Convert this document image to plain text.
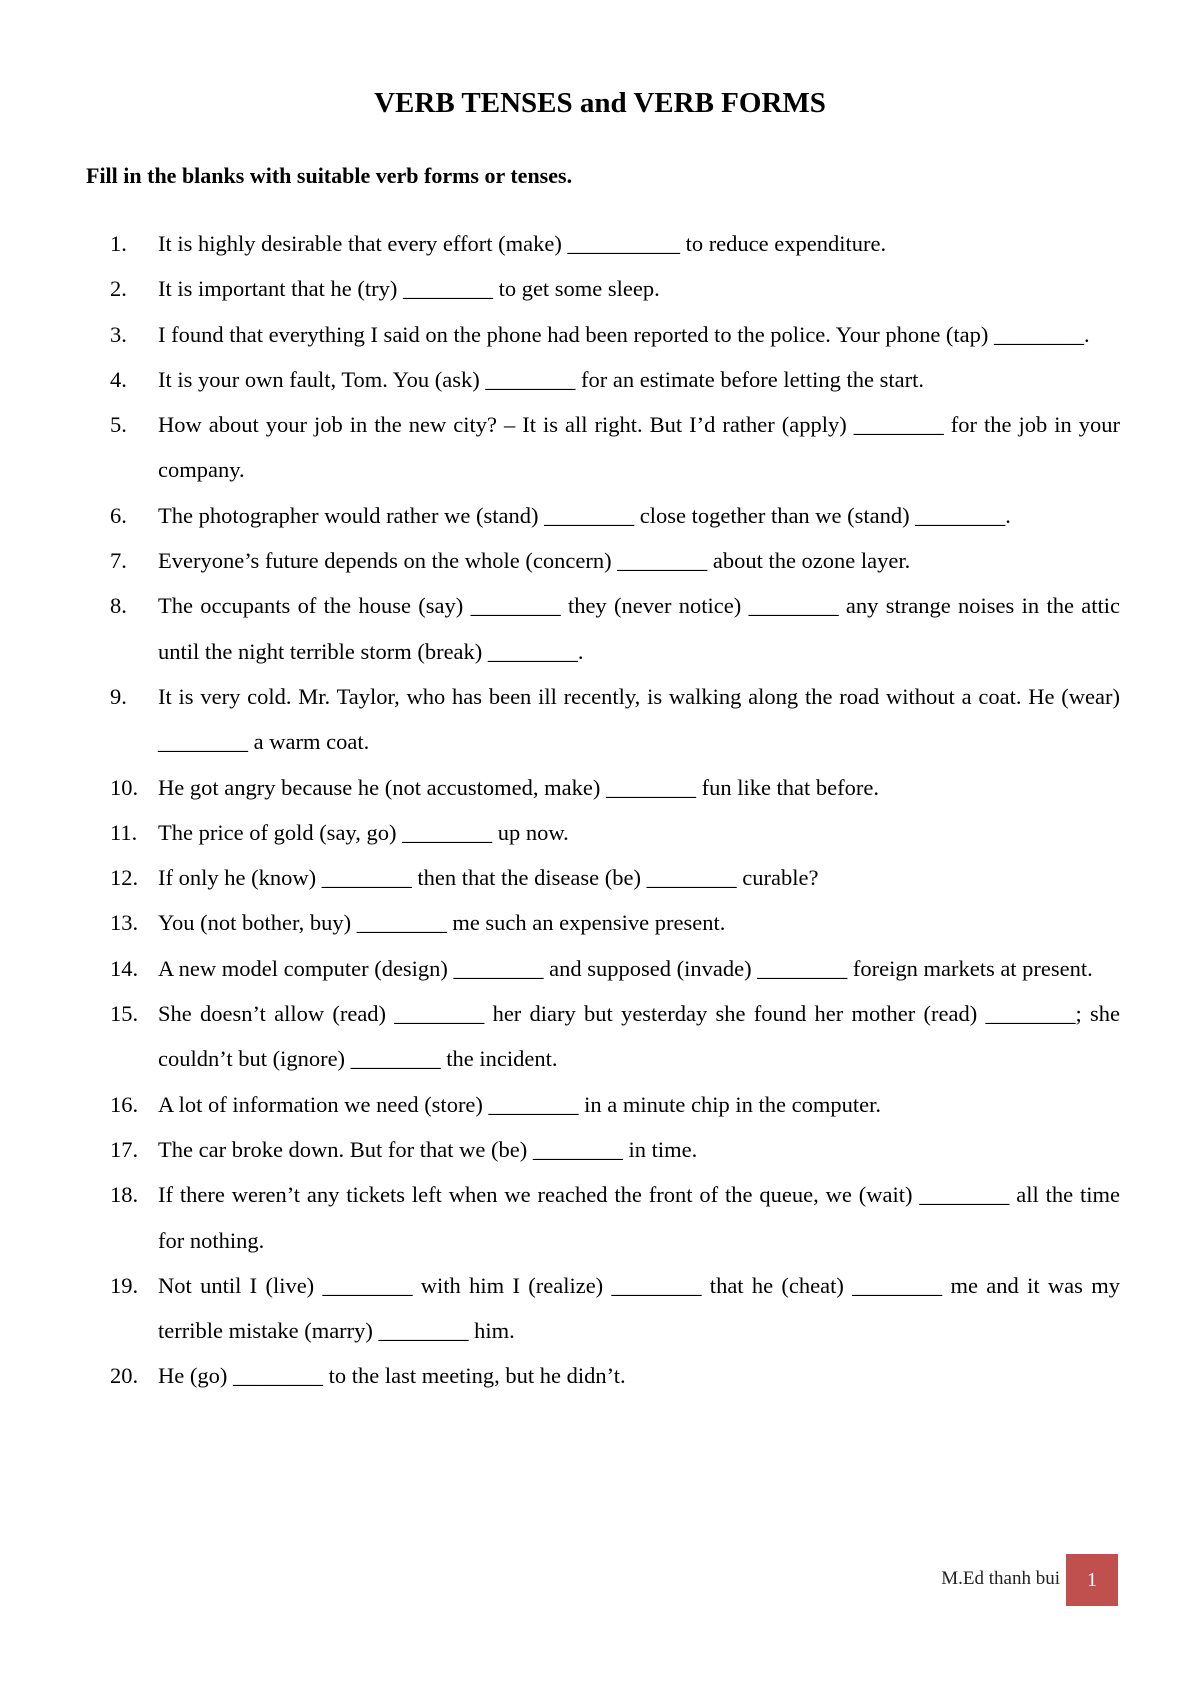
VERB TENSES and VERB FORMS
Fill in the blanks with suitable verb forms or tenses.
1.	It is highly desirable that every effort (make) __________ to reduce expenditure.
2.	It is important that he (try) ________ to get some sleep.
3.	I found that everything I said on the phone had been reported to the police. Your phone (tap) ________.
4.	It is your own fault, Tom. You (ask) ________ for an estimate before letting the start.
5.	How about your job in the new city? – It is all right. But I’d rather (apply) ________ for the job in your company.
6.	The photographer would rather we (stand) ________ close together than we (stand) ________.
7.	Everyone’s future depends on the whole (concern) ________ about the ozone layer.
8.	The occupants of the house (say) ________ they (never notice) ________ any strange noises in the attic until the night terrible storm (break) ________.
9.	It is very cold. Mr. Taylor, who has been ill recently, is walking along the road without a coat. He (wear) ________ a warm coat.
10. He got angry because he (not accustomed, make) ________ fun like that before.
11. The price of gold (say, go) ________ up now.
12. If only he (know) ________ then that the disease (be) ________ curable?
13. You (not bother, buy) ________ me such an expensive present.
14. A new model computer (design) ________ and supposed (invade) ________ foreign markets at present.
15. She doesn’t allow (read) ________ her diary but yesterday she found her mother (read) ________; she couldn’t but (ignore) ________ the incident.
16. A lot of information we need (store) ________ in a minute chip in the computer.
17. The car broke down. But for that we (be) ________ in time.
18. If there weren’t any tickets left when we reached the front of the queue, we (wait) ________ all the time for nothing.
19. Not until I (live) ________ with him I (realize) ________ that he (cheat) ________ me and it was my terrible mistake (marry) ________ him.
20. He (go) ________ to the last meeting, but he didn’t.
M.Ed thanh bui	1
